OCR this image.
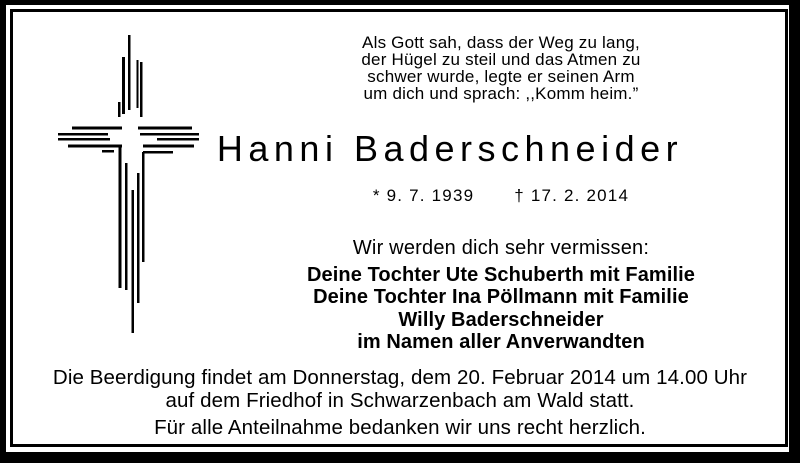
Als Gott sah, dass der Weg zu lang,
der Hügel zu steil und das Atmen zu
schwer wurde, legte er seinen Arm
um dich und sprach: ,,Komm heim.”
Hanni Baderschneider
* 9. 7. 1939 † 17. 2. 2014
Wir werden dich sehr vermissen:
Deine Tochter Ute Schuberth mit Familie
Deine Tochter Ina Pöllmann mit Familie
Willy Baderschneider
im Namen aller Anverwandten
Die Beerdigung findet am Donnerstag, dem 20. Februar 2014 um 14.00 Uhr
auf dem Friedhof in Schwarzenbach am Wald statt.
Für alle Anteilnahme bedanken wir uns recht herzlich.
